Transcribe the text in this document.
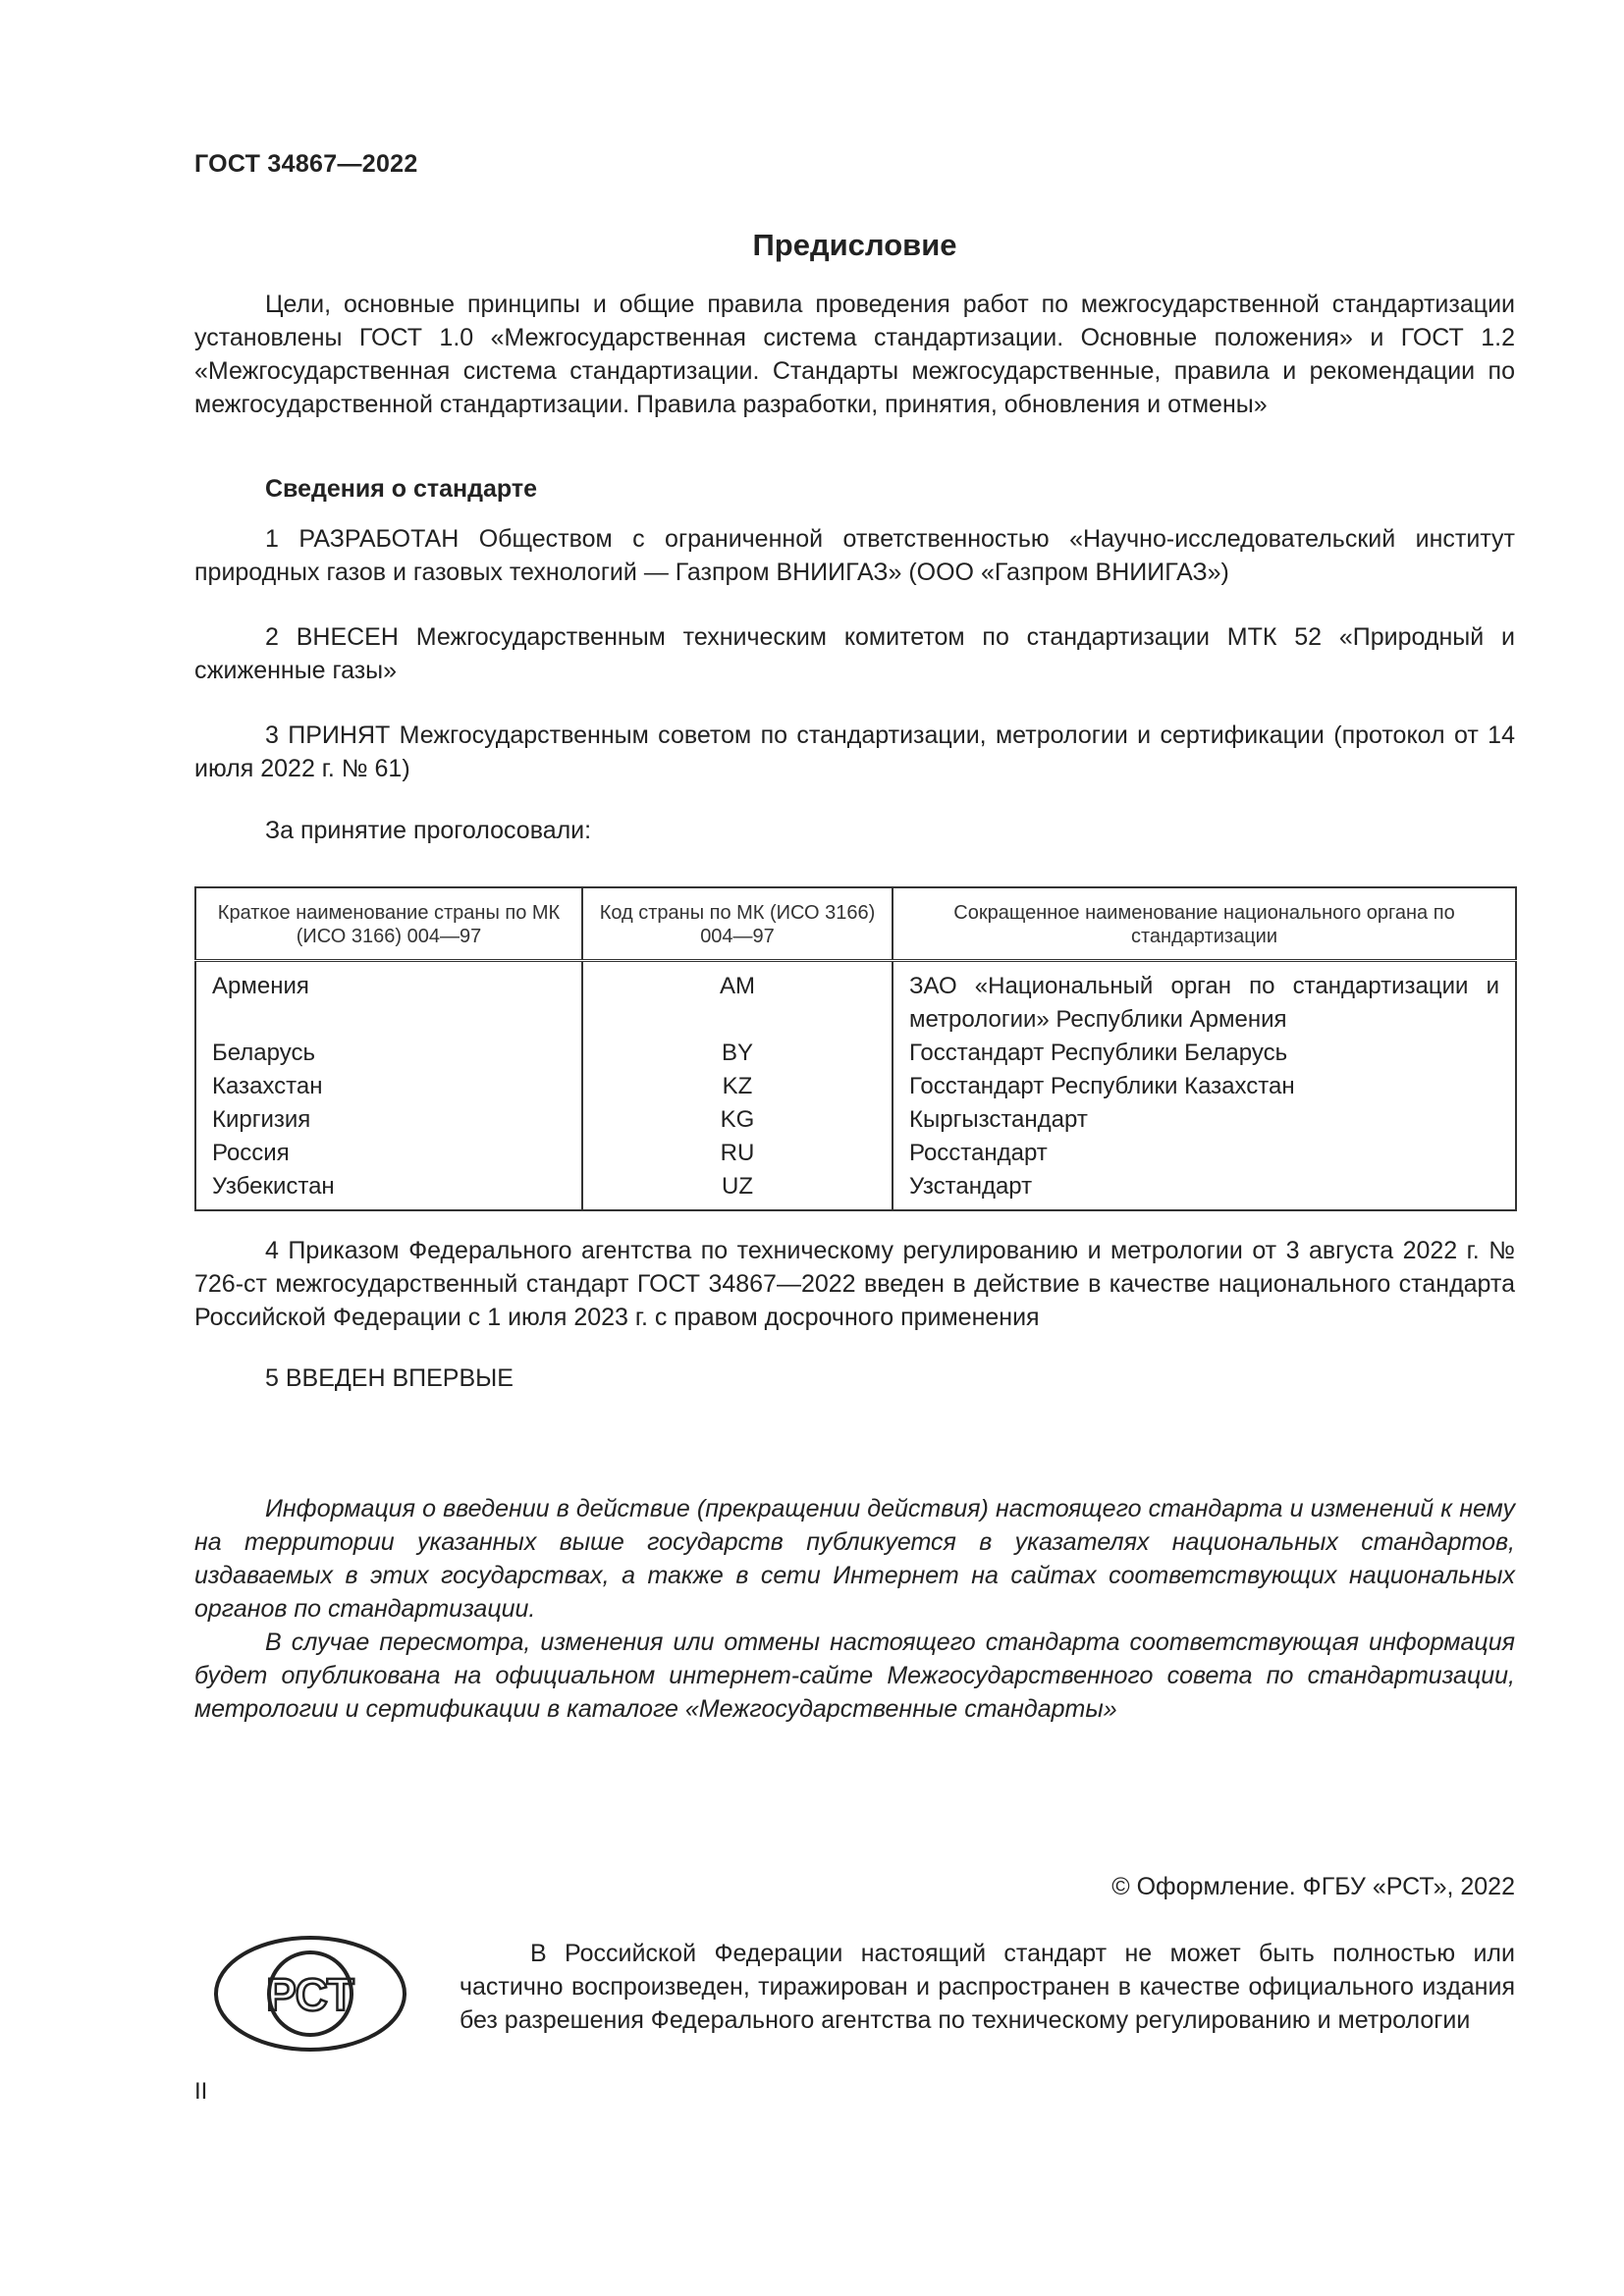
ГОСТ 34867—2022
Предисловие

Цели, основные принципы и общие правила проведения работ по межгосударственной стандартизации установлены ГОСТ 1.0 «Межгосударственная система стандартизации. Основные положения» и ГОСТ 1.2 «Межгосударственная система стандартизации. Стандарты межгосударственные, правила и рекомендации по межгосударственной стандартизации. Правила разработки, принятия, обновления и отмены»

Сведения о стандарте

1 РАЗРАБОТАН Обществом с ограниченной ответственностью «Научно-исследовательский институт природных газов и газовых технологий — Газпром ВНИИГАЗ» (ООО «Газпром ВНИИГАЗ»)

2 ВНЕСЕН Межгосударственным техническим комитетом по стандартизации МТК 52 «Природный и сжиженные газы»

3 ПРИНЯТ Межгосударственным советом по стандартизации, метрологии и сертификации (протокол от 14 июля 2022 г. № 61)

За принятие проголосовали:
Краткое наименование страны по МК (ИСО 3166) 004—97	Код страны по МК (ИСО 3166) 004—97	Сокращенное наименование национального органа по стандартизации
Армения	AM	ЗАО «Национальный орган по стандартизации и метрологии» Республики Армения
Беларусь	BY	Госстандарт Республики Беларусь
Казахстан	KZ	Госстандарт Республики Казахстан
Киргизия	KG	Кыргызстандарт
Россия	RU	Росстандарт
Узбекистан	UZ	Узстандарт

4 Приказом Федерального агентства по техническому регулированию и метрологии от 3 августа 2022 г. № 726-ст межгосударственный стандарт ГОСТ 34867—2022 введен в действие в качестве национального стандарта Российской Федерации с 1 июля 2023 г. с правом досрочного применения

5 ВВЕДЕН ВПЕРВЫЕ

Информация о введении в действие (прекращении действия) настоящего стандарта и изменений к нему на территории указанных выше государств публикуется в указателях национальных стандартов, издаваемых в этих государствах, а также в сети Интернет на сайтах соответствующих национальных органов по стандартизации.

В случае пересмотра, изменения или отмены настоящего стандарта соответствующая информация будет опубликована на официальном интернет-сайте Межгосударственного совета по стандартизации, метрологии и сертификации в каталоге «Межгосударственные стандарты»

© Оформление. ФГБУ «РСТ», 2022
РСТ

В Российской Федерации настоящий стандарт не может быть полностью или частично воспроизведен, тиражирован и распространен в качестве официального издания без разрешения Федерального агентства по техническому регулированию и метрологии

II
